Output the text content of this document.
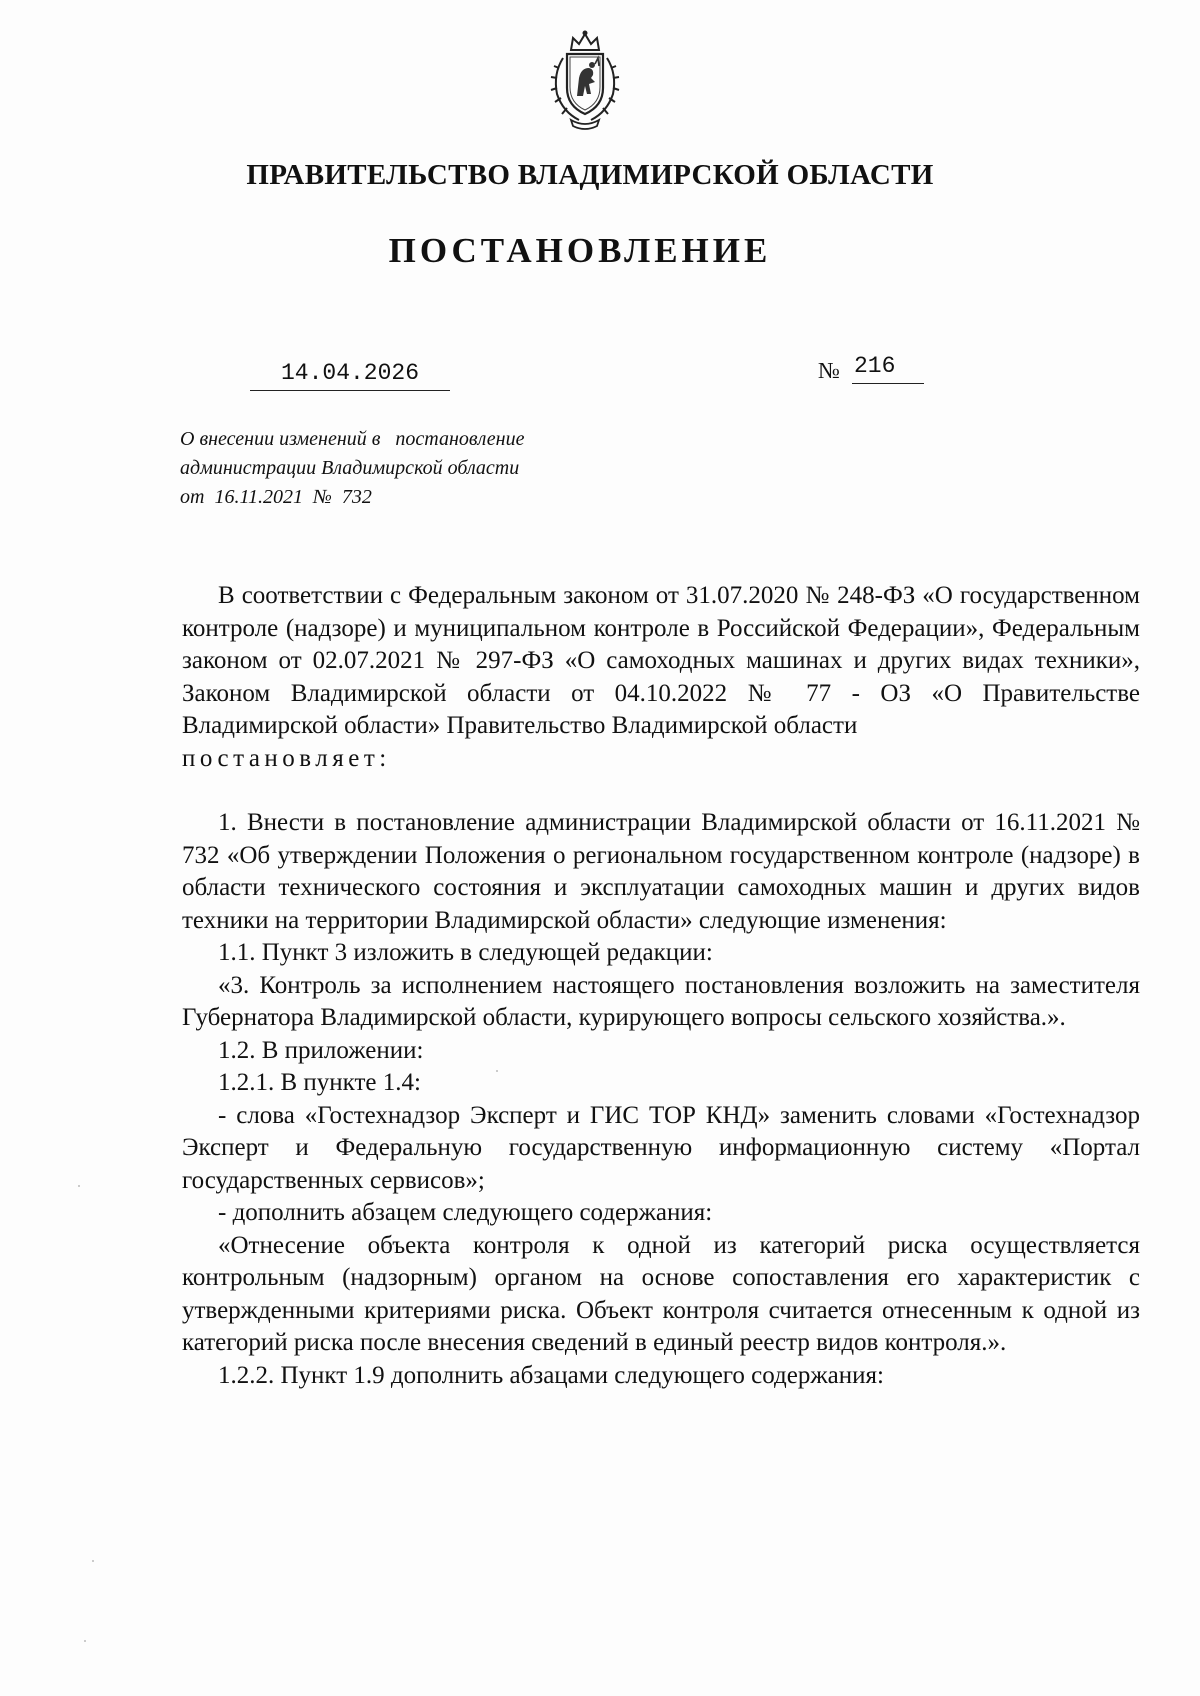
ПРАВИТЕЛЬСТВО ВЛАДИМИРСКОЙ ОБЛАСТИ
ПОСТАНОВЛЕНИЕ
14.04.2026	№ 216
О внесении изменений в   постановление
администрации Владимирской области
от  16.11.2021  №  732

В соответствии с Федеральным законом от 31.07.2020 № 248-ФЗ «О государственном контроле (надзоре) и муниципальном контроле в Российской Федерации», Федеральным законом от 02.07.2021 № 297-ФЗ «О самоходных машинах и других видах техники», Законом Владимирской области от 04.10.2022 № 77 - ОЗ «О Правительстве Владимирской области» Правительство Владимирской области

постановляет:

1. Внести в постановление администрации Владимирской области от 16.11.2021 № 732 «Об утверждении Положения о региональном государственном контроле (надзоре) в области технического состояния и эксплуатации самоходных машин и других видов техники на территории Владимирской области» следующие изменения:

1.1. Пункт 3 изложить в следующей редакции:

«3. Контроль за исполнением настоящего постановления возложить на заместителя Губернатора Владимирской области, курирующего вопросы сельского хозяйства.».

1.2. В приложении:

1.2.1. В пункте 1.4:

- слова «Гостехнадзор Эксперт и ГИС ТОР КНД» заменить словами «Гостехнадзор Эксперт и Федеральную государственную информационную систему «Портал государственных сервисов»;

- дополнить абзацем следующего содержания:

«Отнесение объекта контроля к одной из категорий риска осуществляется контрольным (надзорным) органом на основе сопоставления его характеристик с утвержденными критериями риска. Объект контроля считается отнесенным к одной из категорий риска после внесения сведений в единый реестр видов контроля.».

1.2.2. Пункт 1.9 дополнить абзацами следующего содержания:
